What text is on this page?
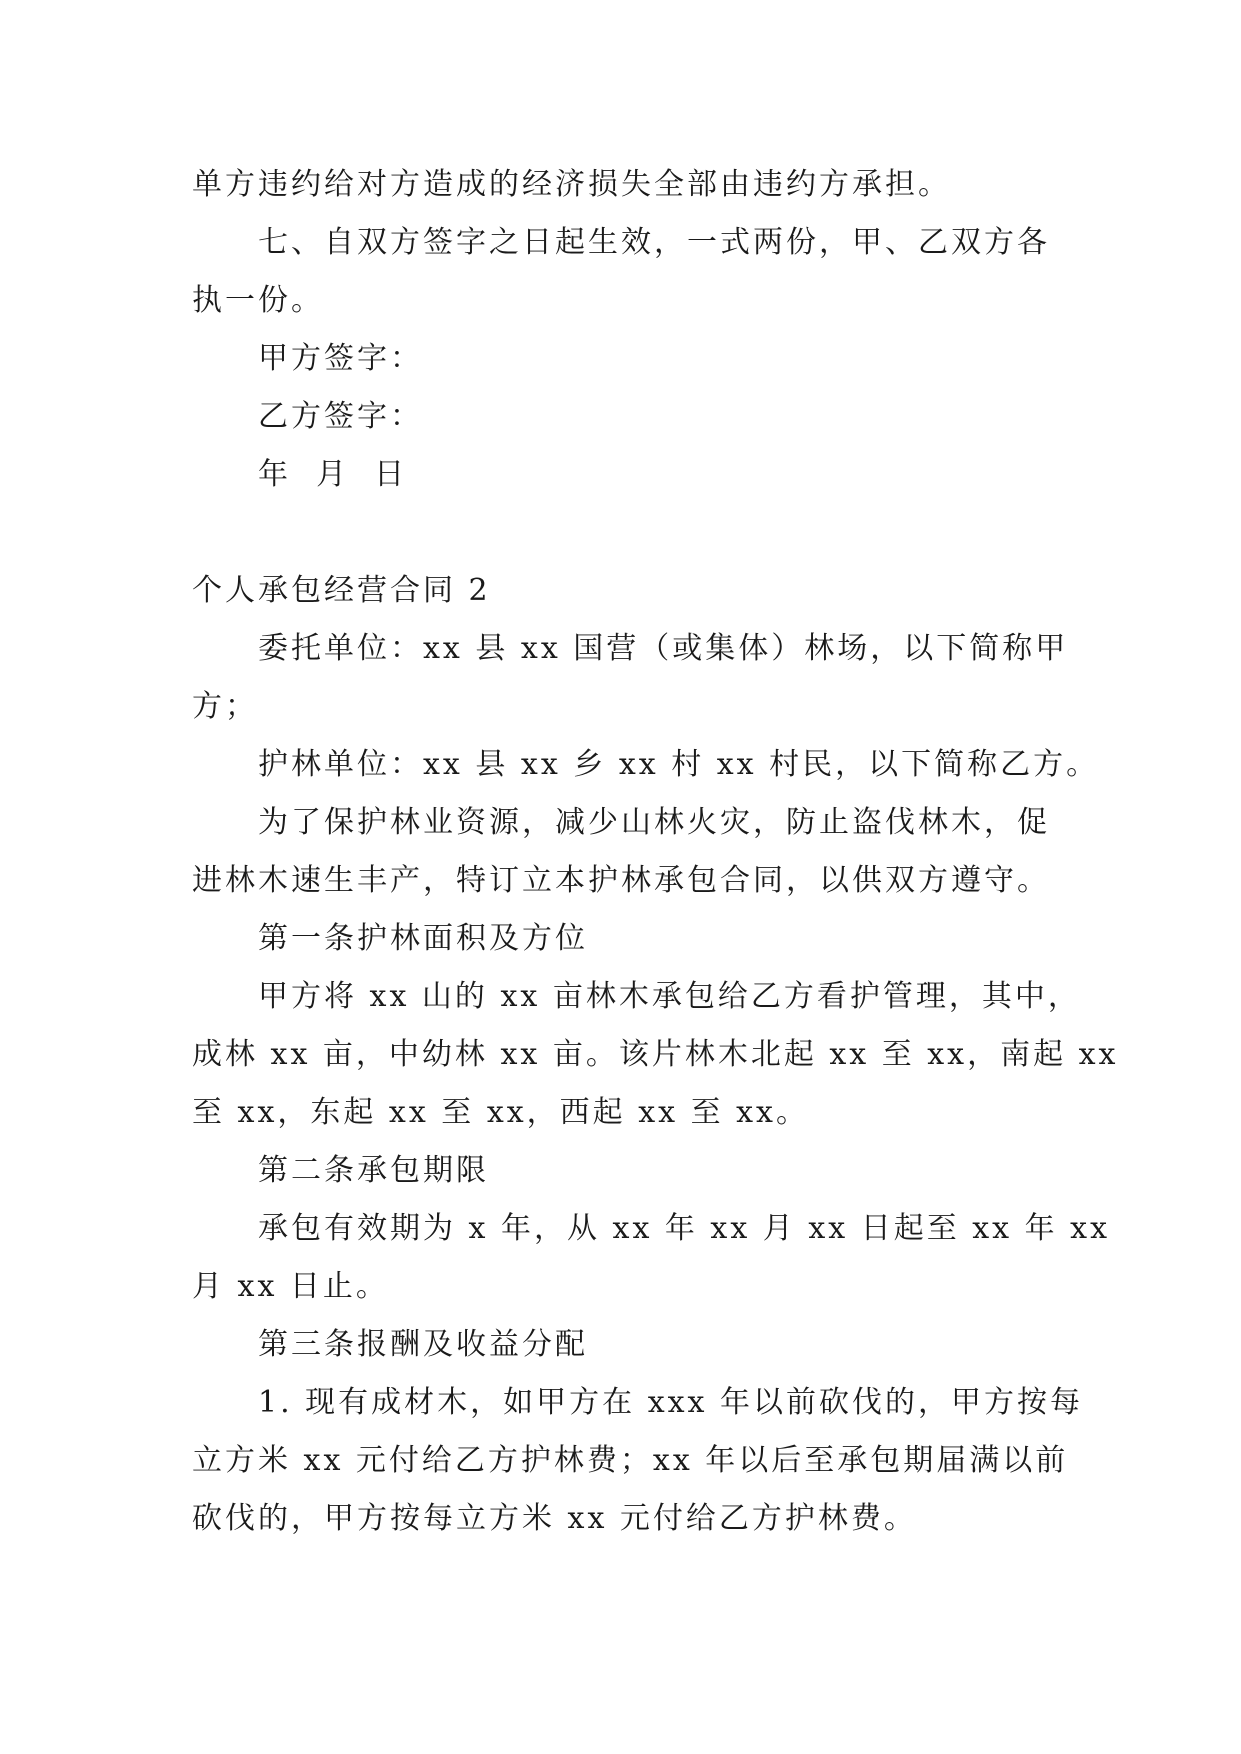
单方违约给对方造成的经济损失全部由违约方承担。

七、自双方签字之日起生效，一式两份，甲、乙双方各

执一份。

甲方签字：

乙方签字：

年  月  日

个人承包经营合同 2

委托单位：xx 县 xx 国营（或集体）林场，以下简称甲

方；

护林单位：xx 县 xx 乡 xx 村 xx 村民，以下简称乙方。

为了保护林业资源，减少山林火灾，防止盗伐林木，促

进林木速生丰产，特订立本护林承包合同，以供双方遵守。

第一条护林面积及方位

甲方将 xx 山的 xx 亩林木承包给乙方看护管理，其中，

成林 xx 亩，中幼林 xx 亩。该片林木北起 xx 至 xx，南起 xx

至 xx，东起 xx 至 xx，西起 xx 至 xx。

第二条承包期限

承包有效期为 x 年，从 xx 年 xx 月 xx 日起至 xx 年 xx

月 xx 日止。

第三条报酬及收益分配

1. 现有成材木，如甲方在 xxx 年以前砍伐的，甲方按每

立方米 xx 元付给乙方护林费；xx 年以后至承包期届满以前

砍伐的，甲方按每立方米 xx 元付给乙方护林费。
